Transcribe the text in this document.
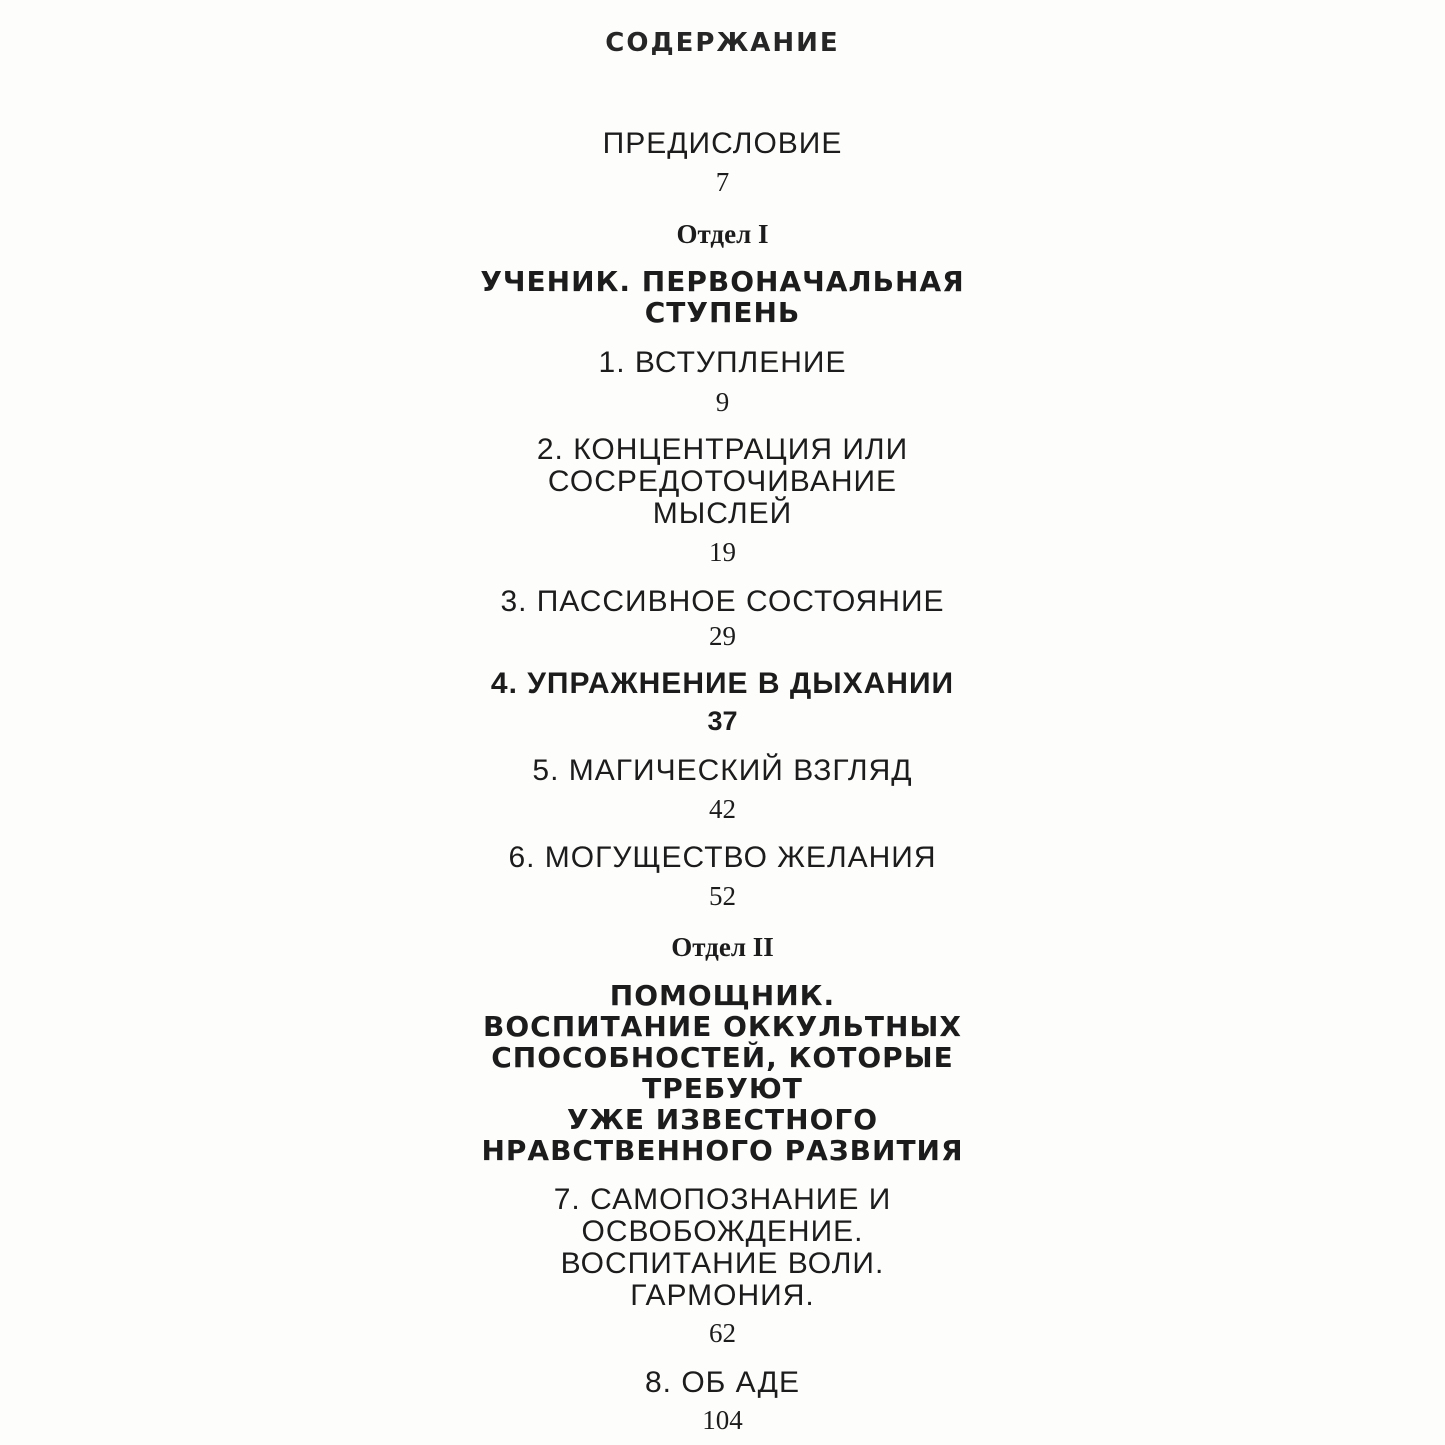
СОДЕРЖАНИЕ
ПРЕДИСЛОВИЕ
7
Отдел I
УЧЕНИК. ПЕРВОНАЧАЛЬНАЯ
СТУПЕНЬ
1. ВСТУПЛЕНИЕ
9
2. КОНЦЕНТРАЦИЯ ИЛИ
СОСРЕДОТОЧИВАНИЕ
МЫСЛЕЙ
19
3. ПАССИВНОЕ СОСТОЯНИЕ
29
4. УПРАЖНЕНИЕ В ДЫХАНИИ
37
5. МАГИЧЕСКИЙ ВЗГЛЯД
42
6. МОГУЩЕСТВО ЖЕЛАНИЯ
52
Отдел II
ПОМОЩНИК.
ВОСПИТАНИЕ ОККУЛЬТНЫХ
СПОСОБНОСТЕЙ, КОТОРЫЕ
ТРЕБУЮТ
УЖЕ ИЗВЕСТНОГО
НРАВСТВЕННОГО РАЗВИТИЯ
7. САМОПОЗНАНИЕ И
ОСВОБОЖДЕНИЕ.
ВОСПИТАНИЕ ВОЛИ.
ГАРМОНИЯ.
62
8. ОБ АДЕ
104
